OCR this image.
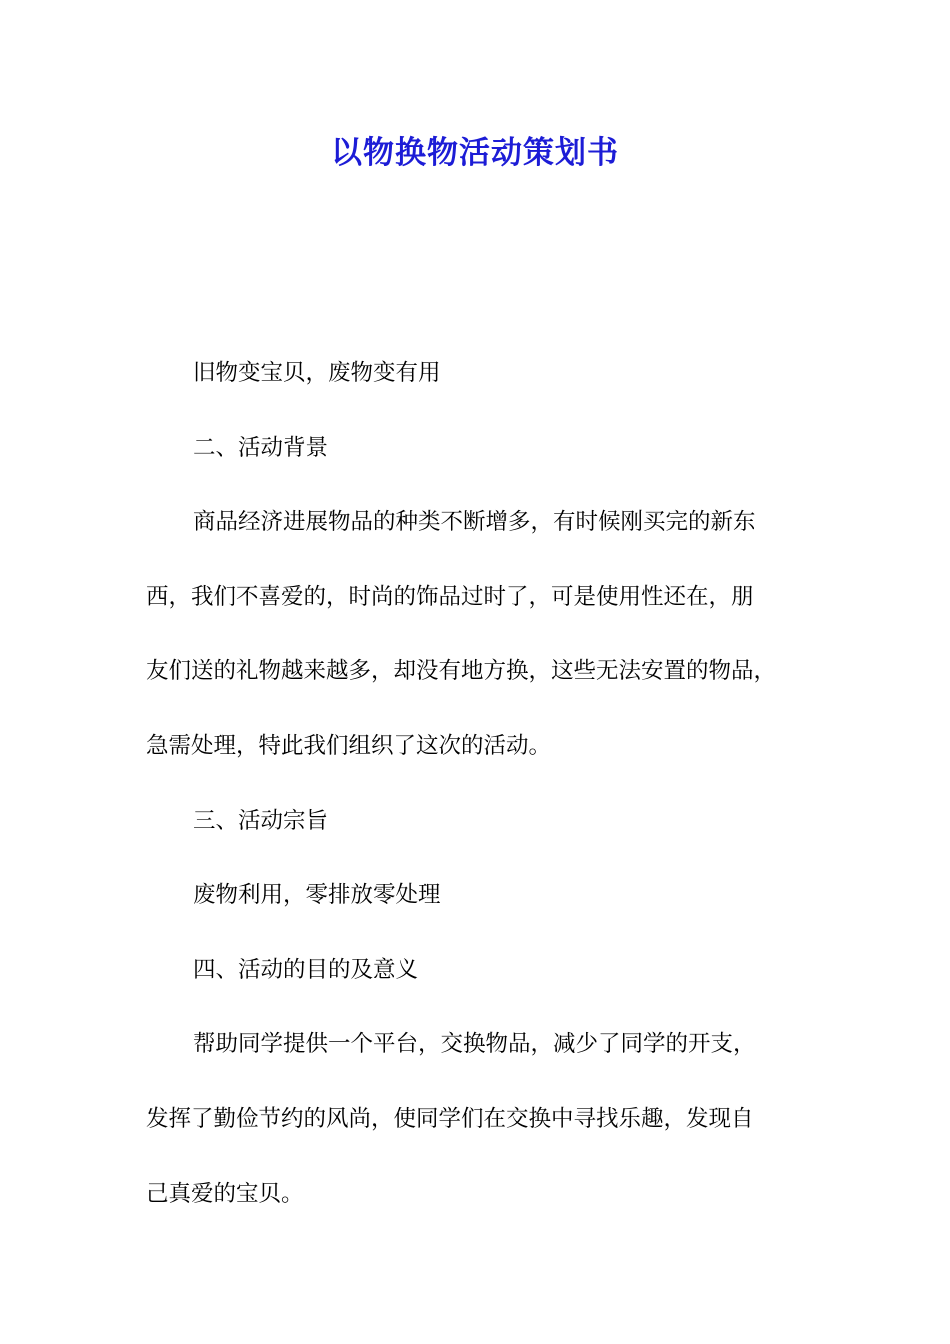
以物换物活动策划书

旧物变宝贝，废物变有用

二、活动背景

商品经济进展物品的种类不断增多，有时候刚买完的新东

西，我们不喜爱的，时尚的饰品过时了，可是使用性还在，朋

友们送的礼物越来越多，却没有地方换，这些无法安置的物品，

急需处理，特此我们组织了这次的活动。

三、活动宗旨

废物利用，零排放零处理

四、活动的目的及意义

帮助同学提供一个平台，交换物品，减少了同学的开支，

发挥了勤俭节约的风尚，使同学们在交换中寻找乐趣，发现自

己真爱的宝贝。
